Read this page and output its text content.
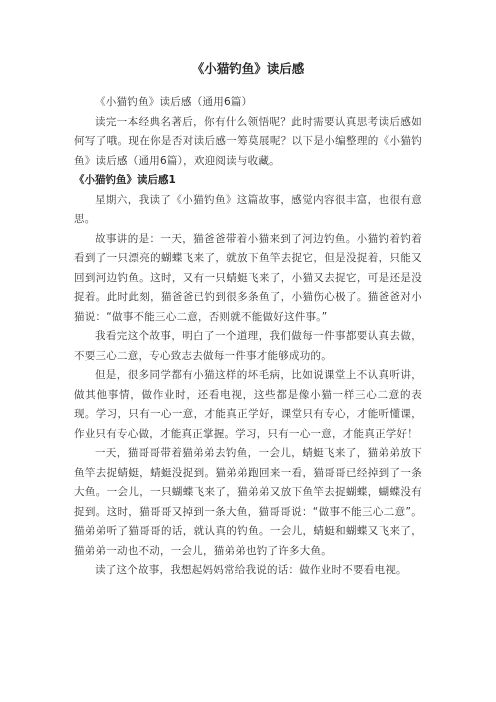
《小猫钓鱼》读后感

《小猫钓鱼》读后感（通用6篇）

读完一本经典名著后，你有什么领悟呢？此时需要认真思考读后感如何写了哦。现在你是否对读后感一筹莫展呢？以下是小编整理的《小猫钓鱼》读后感（通用6篇），欢迎阅读与收藏。

《小猫钓鱼》读后感1

星期六，我读了《小猫钓鱼》这篇故事，感觉内容很丰富，也很有意思。

故事讲的是：一天，猫爸爸带着小猫来到了河边钓鱼。小猫钓着钓着看到了一只漂亮的蝴蝶飞来了，就放下鱼竿去捉它，但是没捉着，只能又回到河边钓鱼。这时，又有一只蜻蜓飞来了，小猫又去捉它，可是还是没捉着。此时此刻，猫爸爸已钓到很多条鱼了，小猫伤心极了。猫爸爸对小猫说：“做事不能三心二意，否则就不能做好这件事。”

我看完这个故事，明白了一个道理，我们做每一件事都要认真去做，不要三心二意，专心致志去做每一件事才能够成功的。

但是，很多同学都有小猫这样的坏毛病，比如说课堂上不认真听讲，做其他事情，做作业时，还看电视，这些都是像小猫一样三心二意的表现。学习，只有一心一意，才能真正学好，课堂只有专心，才能听懂课，作业只有专心做，才能真正掌握。学习，只有一心一意，才能真正学好！

一天，猫哥哥带着猫弟弟去钓鱼，一会儿，蜻蜓飞来了，猫弟弟放下鱼竿去捉蜻蜓，蜻蜓没捉到。猫弟弟跑回来一看，猫哥哥已经掉到了一条大鱼。一会儿，一只蝴蝶飞来了，猫弟弟又放下鱼竿去捉蝴蝶，蝴蝶没有捉到。这时，猫哥哥又掉到一条大鱼，猫哥哥说：“做事不能三心二意”。猫弟弟听了猫哥哥的话，就认真的钓鱼。一会儿，蜻蜓和蝴蝶又飞来了，猫弟弟一动也不动，一会儿，猫弟弟也钓了许多大鱼。

读了这个故事，我想起妈妈常给我说的话：做作业时不要看电视。
